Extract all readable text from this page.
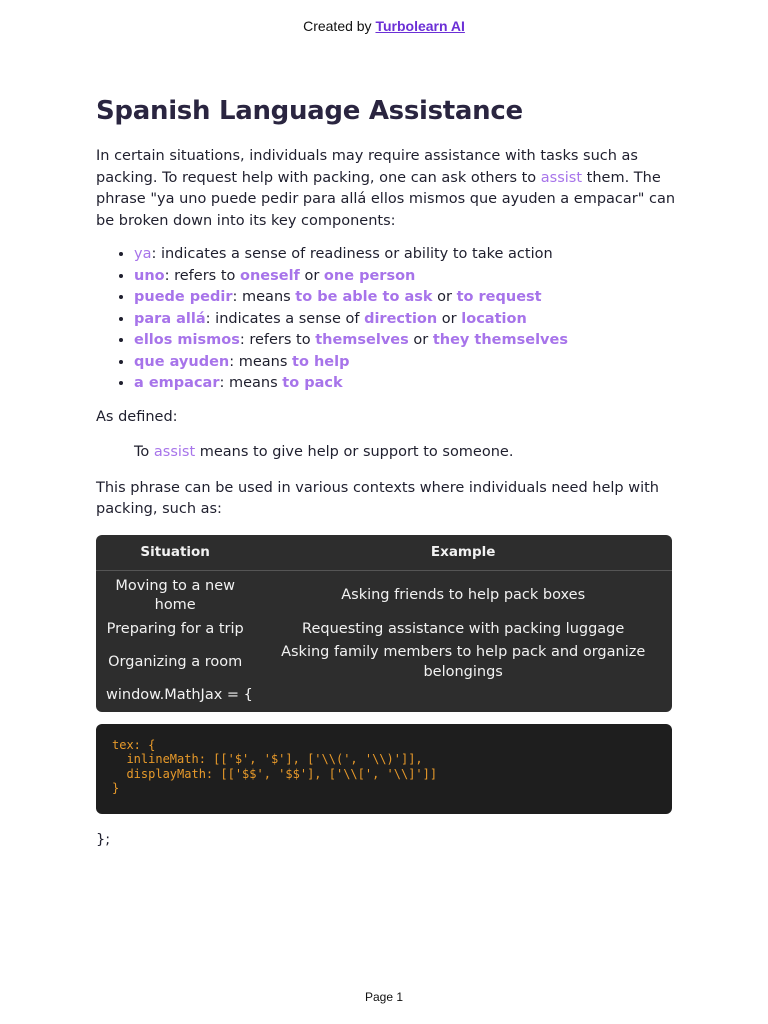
Created by Turbolearn AI
Spanish Language Assistance

In certain situations, individuals may require assistance with tasks such as packing. To request help with packing, one can ask others to assist them. The phrase "ya uno puede pedir para allá ellos mismos que ayuden a empacar" can be broken down into its key components:

• ya: indicates a sense of readiness or ability to take action
• uno: refers to oneself or one person
• puede pedir: means to be able to ask or to request
• para allá: indicates a sense of direction or location
• ellos mismos: refers to themselves or they themselves
• que ayuden: means to help
• a empacar: means to pack

As defined:

To assist means to give help or support to someone.

This phrase can be used in various contexts where individuals need help with packing, such as:

Situation	Example
Moving to a new home	Asking friends to help pack boxes
Preparing for a trip	Requesting assistance with packing luggage
Organizing a room	Asking family members to help pack and organize belongings
window.MathJax = {	
tex: {
inlineMath: [['$', '$'], ['\\(', '\\)']],
displayMath: [['$$', '$$'], ['\\[', '\\]']]
}
};
Page 1
